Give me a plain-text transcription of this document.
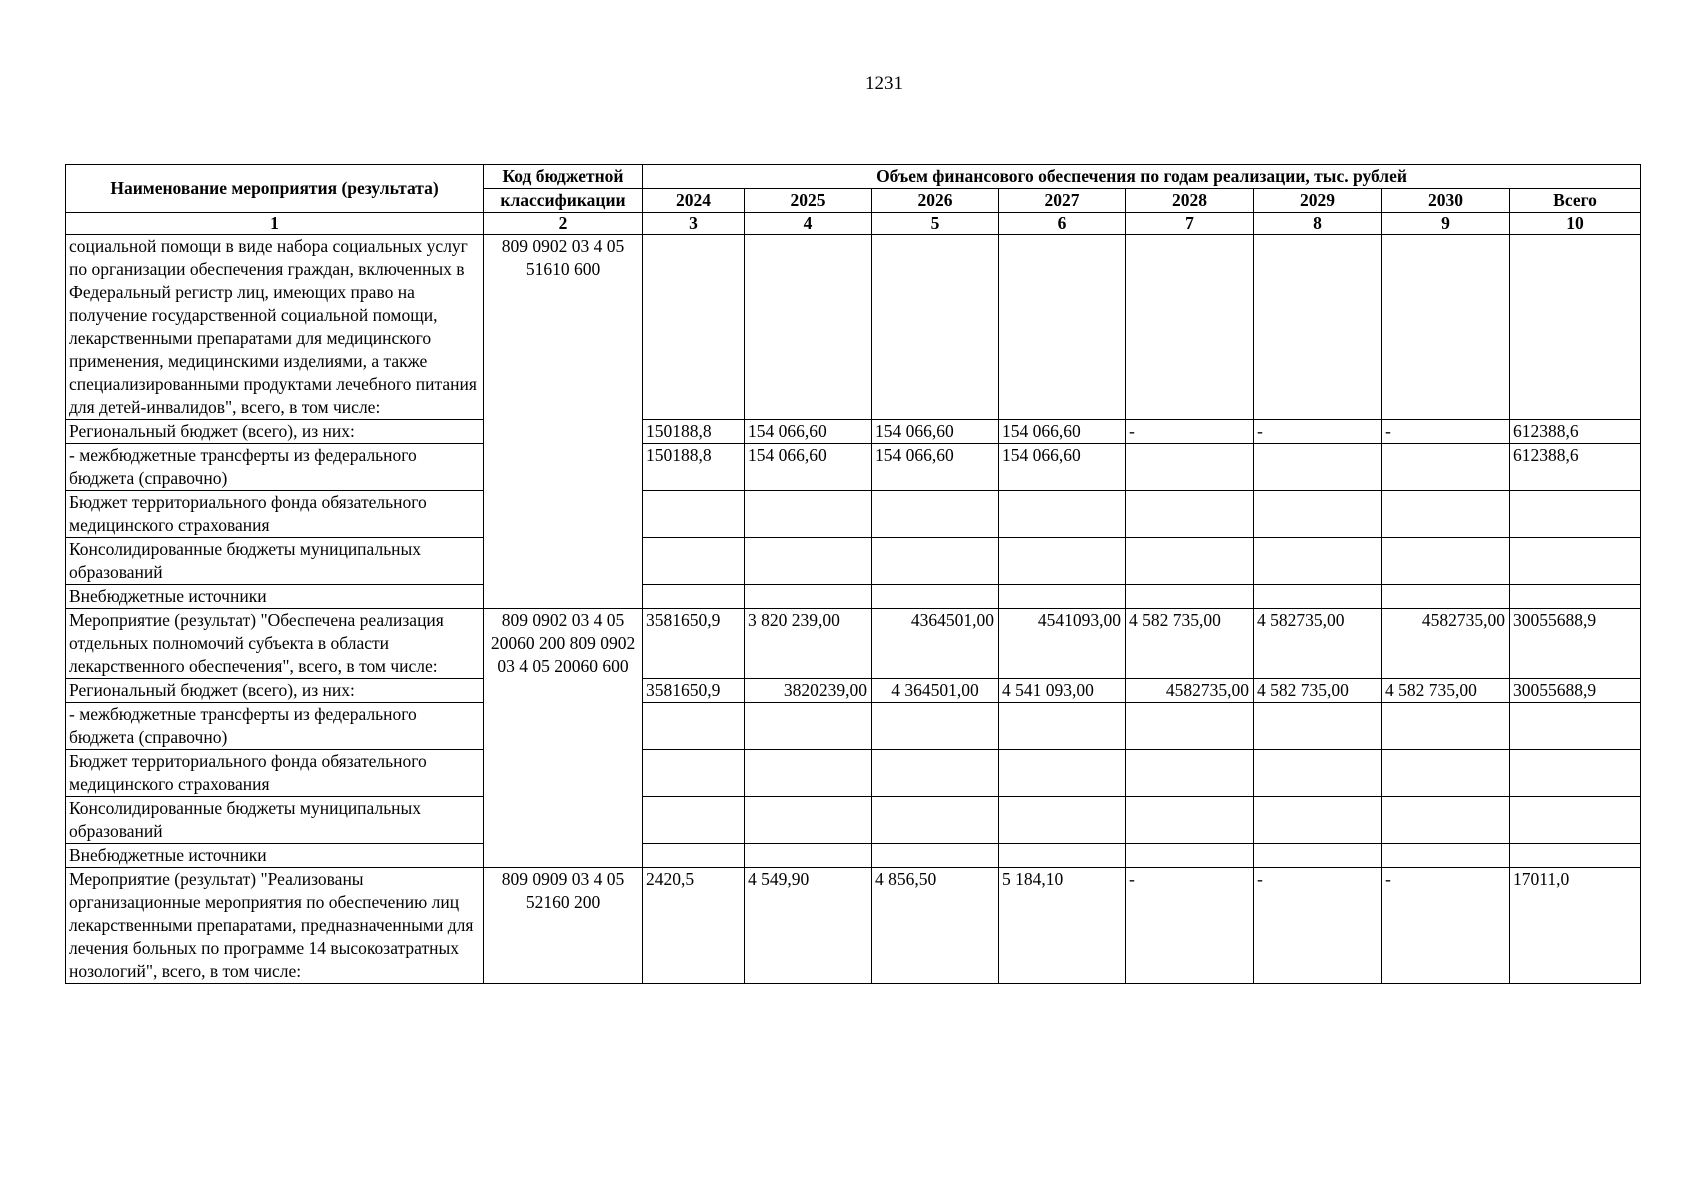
1231
Наименование мероприятия (результата)	Код бюджетной	Объем финансового обеспечения по годам реализации, тыс. рублей							
	классификации	2024	2025	2026	2027	2028	2029	2030	Всего
1	2	3	4	5	6	7	8	9	10
социальной помощи в виде набора социальных услуг по организации обеспечения граждан, включенных в Федеральный регистр лиц, имеющих право на получение государственной социальной помощи, лекарственными препаратами для медицинского применения, медицинскими изделиями, а также специализированными продуктами лечебного питания для детей-инвалидов", всего, в том числе:	809 0902 03 4 05 51610 600								
Региональный бюджет (всего), из них:		150188,8	154 066,60	154 066,60	154 066,60	-	-	-	612388,6
- межбюджетные трансферты из федерального бюджета (справочно)		150188,8	154 066,60	154 066,60	154 066,60				612388,6
Бюджет территориального фонда обязательного медицинского страхования									
Консолидированные бюджеты муниципальных образований									
Внебюджетные источники									
Мероприятие (результат) "Обеспечена реализация отдельных полномочий субъекта в области лекарственного обеспечения", всего, в том числе:	809 0902 03 4 05 20060 200 809 0902 03 4 05 20060 600	3581650,9	3 820 239,00	4364501,00	4541093,00	4 582 735,00	4 582735,00	4582735,00	30055688,9
Региональный бюджет (всего), из них:		3581650,9	3820239,00	4 364501,00	4 541 093,00	4582735,00	4 582 735,00	4 582 735,00	30055688,9
- межбюджетные трансферты из федерального бюджета (справочно)									
Бюджет территориального фонда обязательного медицинского страхования									
Консолидированные бюджеты муниципальных образований									
Внебюджетные источники									
Мероприятие (результат) "Реализованы организационные мероприятия по обеспечению лиц лекарственными препаратами, предназначенными для лечения больных по программе 14 высокозатратных нозологий", всего, в том числе:	809 0909 03 4 05 52160 200	2420,5	4 549,90	4 856,50	5 184,10	-	-	-	17011,0
